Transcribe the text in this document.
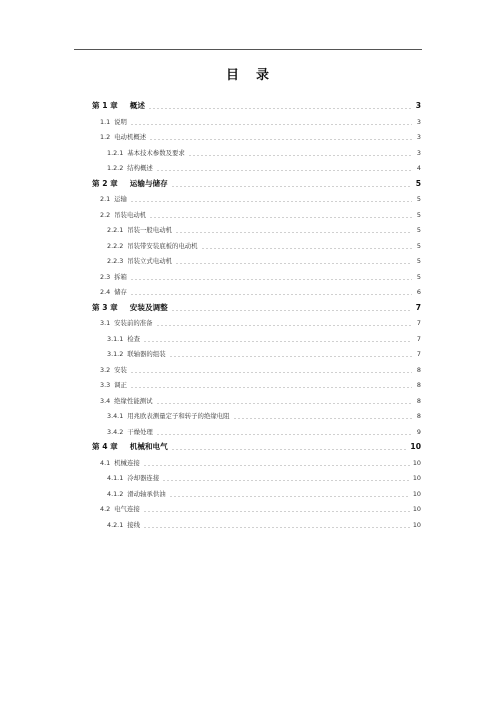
目 录
第 1 章 概述	3
1.1 说明	3
1.2 电动机概述	3
1.2.1 基本技术参数及要求	3
1.2.2 结构概述	4
第 2 章 运输与储存	5
2.1 运输	5
2.2 吊装电动机	5
2.2.1 吊装一般电动机	5
2.2.2 吊装带安装底板的电动机	5
2.2.3 吊装立式电动机	5
2.3 拆箱	5
2.4 储存	6
第 3 章 安装及调整	7
3.1 安装前的准备	7
3.1.1 检查	7
3.1.2 联轴器的组装	7
3.2 安装	8
3.3 调正	8
3.4 绝缘性能测试	8
3.4.1 用兆欧表测量定子和转子的绝缘电阻	8
3.4.2 干燥处理	9
第 4 章 机械和电气	10
4.1 机械连接	10
4.1.1 冷却器连接	10
4.1.2 滑动轴承供油	10
4.2 电气连接	10
4.2.1 接线	10
